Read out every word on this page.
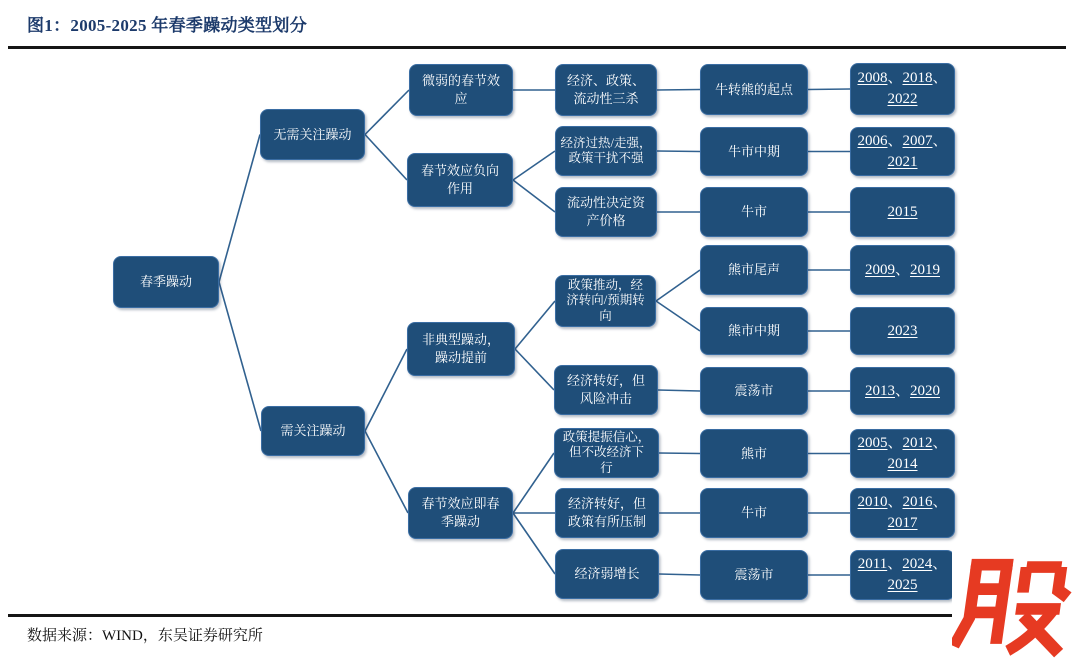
图1：2005-2025 年春季躁动类型划分
春季躁动
无需关注躁动
需关注躁动
微弱的春节效
应
春节效应负向
作用
非典型躁动，
躁动提前
春节效应即春
季躁动
经济、政策、
流动性三杀
经济过热/走强，
政策干扰不强
流动性决定资
产价格
政策推动，经
济转向/预期转
向
经济转好，但
风险冲击
政策提振信心，
但不改经济下
行
经济转好，但
政策有所压制
经济弱增长
牛转熊的起点
牛市中期
牛市
熊市尾声
熊市中期
震荡市
熊市
牛市
震荡市
2008、2018、2022
2006、2007、2021
2015
2009、2019
2023
2013、2020
2005、2012、2014
2010、2016、2017
2011、2024、2025
数据来源：WIND，东吴证券研究所
